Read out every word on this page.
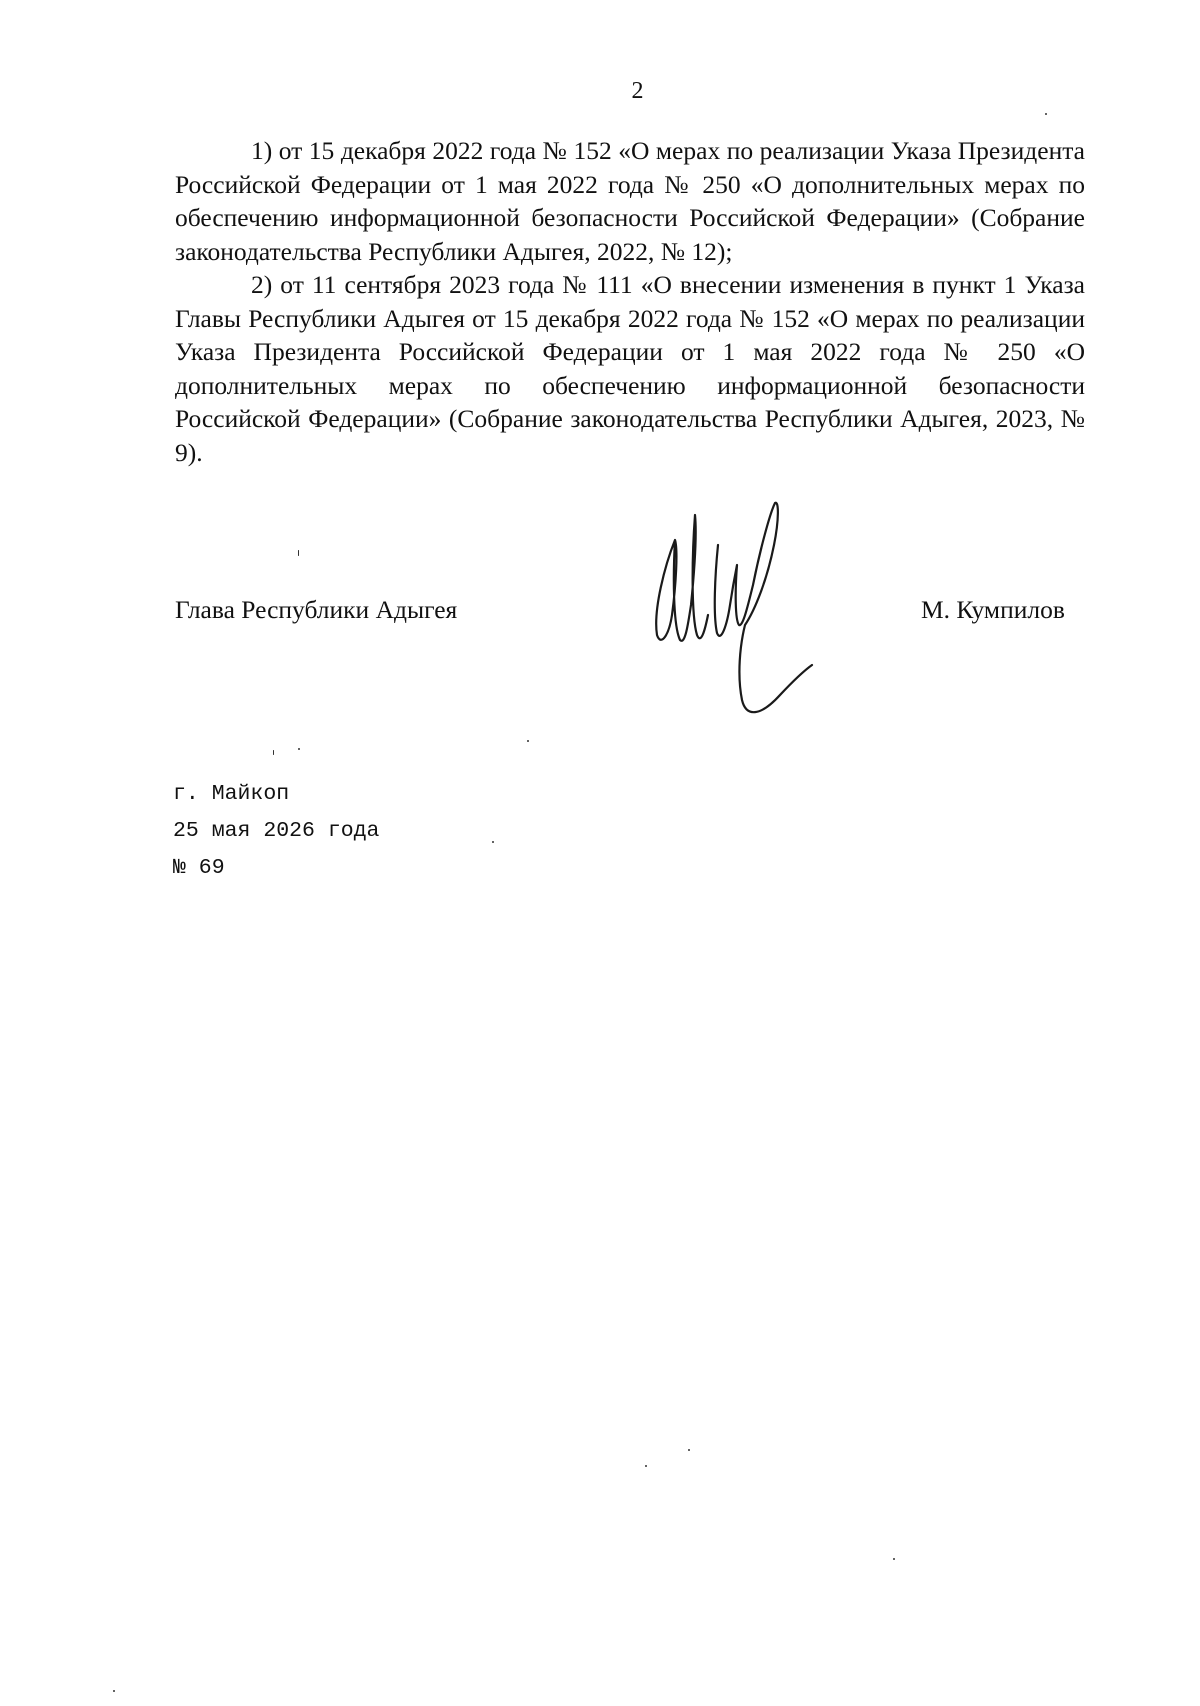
2

1) от 15 декабря 2022 года № 152 «О мерах по реализации Указа Президента Российской Федерации от 1 мая 2022 года № 250 «О дополнительных мерах по обеспечению информационной безопасности Российской Федерации» (Собрание законодательства Республики Адыгея, 2022, № 12);

2) от 11 сентября 2023 года № 111 «О внесении изменения в пункт 1 Указа Главы Республики Адыгея от 15 декабря 2022 года № 152 «О мерах по реализации Указа Президента Российской Федерации от 1 мая 2022 года № 250 «О дополнительных мерах по обеспечению информационной безопасности Российской Федерации» (Собрание законодательства Республики Адыгея, 2023, № 9).

Глава Республики Адыгея	М. Кумпилов
г. Майкоп
25 мая 2026 года
№ 69
